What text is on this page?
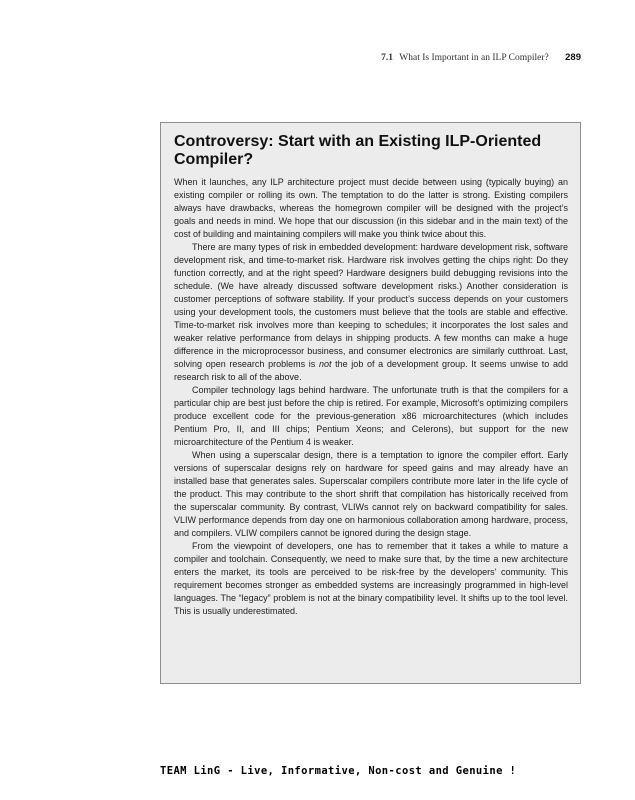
7.1 What Is Important in an ILP Compiler? 289
Controversy: Start with an Existing ILP-Oriented Compiler?

When it launches, any ILP architecture project must decide between using (typically buying) an existing compiler or rolling its own. The temptation to do the latter is strong. Existing compilers always have drawbacks, whereas the homegrown compiler will be designed with the project’s goals and needs in mind. We hope that our discussion (in this sidebar and in the main text) of the cost of building and maintaining compilers will make you think twice about this.

There are many types of risk in embedded development: hardware development risk, software development risk, and time-to-market risk. Hardware risk involves getting the chips right: Do they function correctly, and at the right speed? Hardware designers build debugging revisions into the schedule. (We have already discussed software development risks.) Another consideration is customer perceptions of software stability. If your product’s success depends on your customers using your development tools, the customers must believe that the tools are stable and effective. Time-to-market risk involves more than keeping to schedules; it incorporates the lost sales and weaker relative performance from delays in shipping products. A few months can make a huge difference in the microprocessor business, and consumer electronics are similarly cutthroat. Last, solving open research problems is not the job of a development group. It seems unwise to add research risk to all of the above.

Compiler technology lags behind hardware. The unfortunate truth is that the compilers for a particular chip are best just before the chip is retired. For example, Microsoft’s optimizing compilers produce excellent code for the previous-generation x86 microarchitectures (which includes Pentium Pro, II, and III chips; Pentium Xeons; and Celerons), but support for the new microarchitecture of the Pentium 4 is weaker.

When using a superscalar design, there is a temptation to ignore the compiler effort. Early versions of superscalar designs rely on hardware for speed gains and may already have an installed base that generates sales. Superscalar compilers contribute more later in the life cycle of the product. This may contribute to the short shrift that compilation has historically received from the superscalar community. By contrast, VLIWs cannot rely on backward compatibility for sales. VLIW performance depends from day one on harmonious collaboration among hardware, process, and compilers. VLIW compilers cannot be ignored during the design stage.

From the viewpoint of developers, one has to remember that it takes a while to mature a compiler and toolchain. Consequently, we need to make sure that, by the time a new architecture enters the market, its tools are perceived to be risk-free by the developers’ community. This requirement becomes stronger as embedded systems are increasingly programmed in high-level languages. The “legacy” problem is not at the binary compatibility level. It shifts up to the tool level. This is usually underestimated.

TEAM LinG - Live, Informative, Non-cost and Genuine !
